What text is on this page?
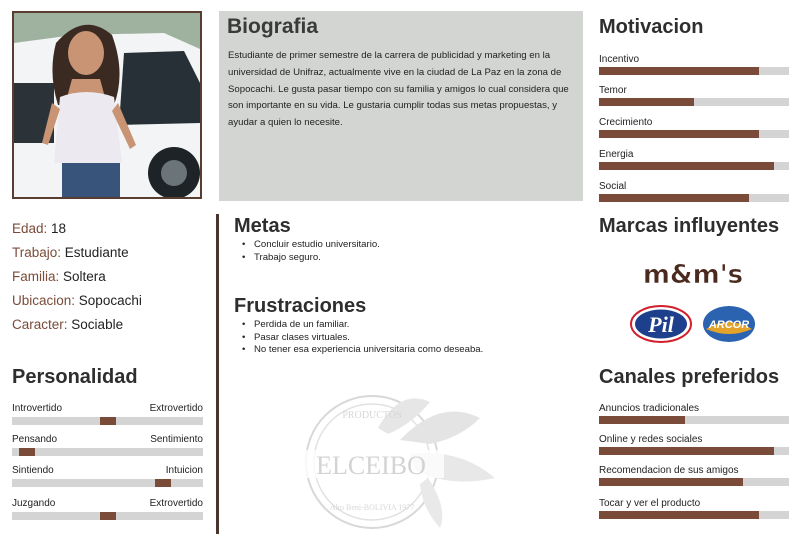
Biografia
Estudiante de primer semestre de la carrera de publicidad y marketing en la universidad de Unifraz, actualmente vive en la ciudad de La Paz en la zona de Sopocachi. Le gusta pasar tiempo con su familia y amigos lo cual considera que son importante en su vida. Le gustaria cumplir todas sus metas propuestas, y ayudar a quien lo necesite.
Edad: 18
Trabajo: Estudiante
Familia: Soltera
Ubicacion: Sopocachi
Caracter: Sociable
Personalidad
Introvertido	Extrovertido
Pensando	Sentimiento
Sintiendo	Intuicion
Juzgando	Extrovertido
Metas
• Concluir estudio universitario.
• Trabajo seguro.
Frustraciones
• Perdida de un familiar.
• Pasar clases virtuales.
• No tener esa experiencia universitaria como deseaba.
ELCEIBO
PRODUCTOS
Alto Beni-BOLIVIA 1977
Motivacion
Incentivo
Temor
Crecimiento
Energia
Social
Marcas influyentes
m&m's
Pil	ARCOR
Canales preferidos
Anuncios tradicionales
Online y redes sociales
Recomendacion de sus amigos
Tocar y ver el producto
